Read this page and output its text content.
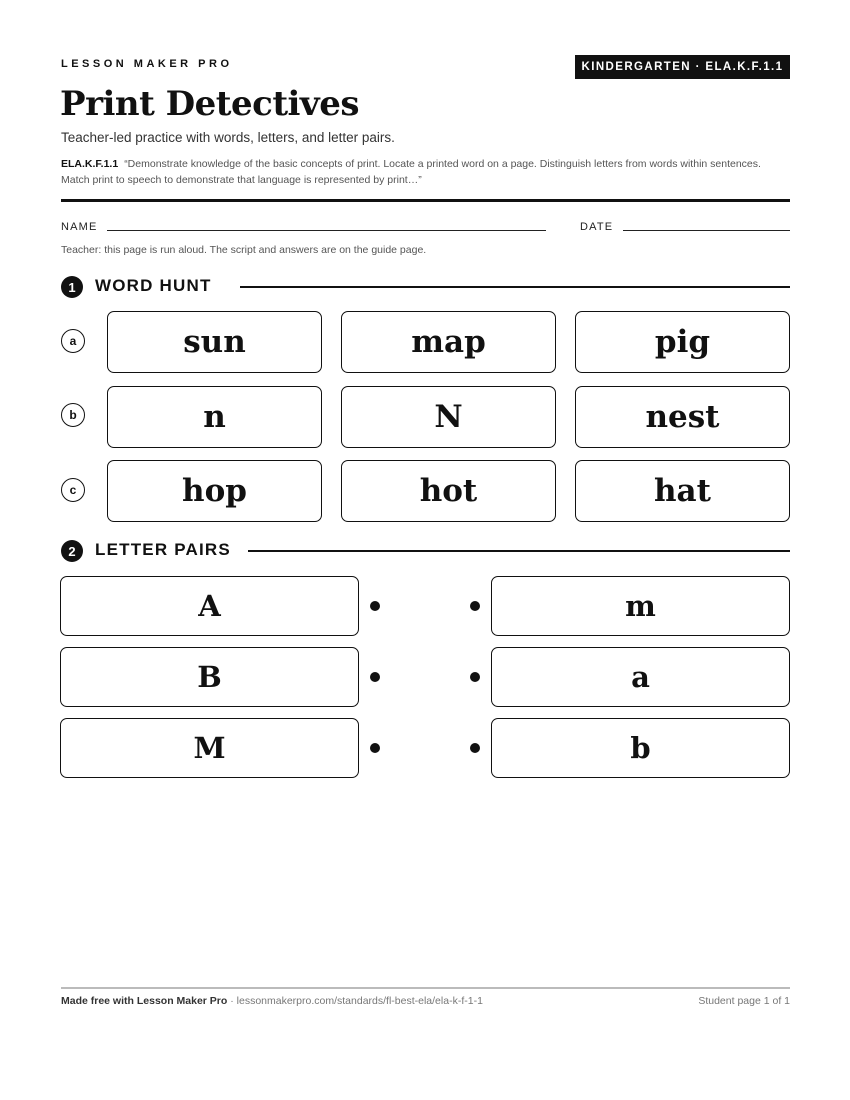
LESSON MAKER PRO	KINDERGARTEN · ELA.K.F.1.1
Print Detectives
Teacher-led practice with words, letters, and letter pairs.
ELA.K.F.1.1 “Demonstrate knowledge of the basic concepts of print. Locate a printed word on a page. Distinguish letters from words within sentences. Match print to speech to demonstrate that language is represented by print…”
NAME	DATE
Teacher: this page is run aloud. The script and answers are on the guide page.
1	WORD HUNT
a	sun	map	pig
b	n	N	nest
c	hop	hot	hat
2	LETTER PAIRS
A	m
B	a
M	b
Made free with Lesson Maker Pro · lessonmakerpro.com/standards/fl-best-ela/ela-k-f-1-1	Student page 1 of 1
